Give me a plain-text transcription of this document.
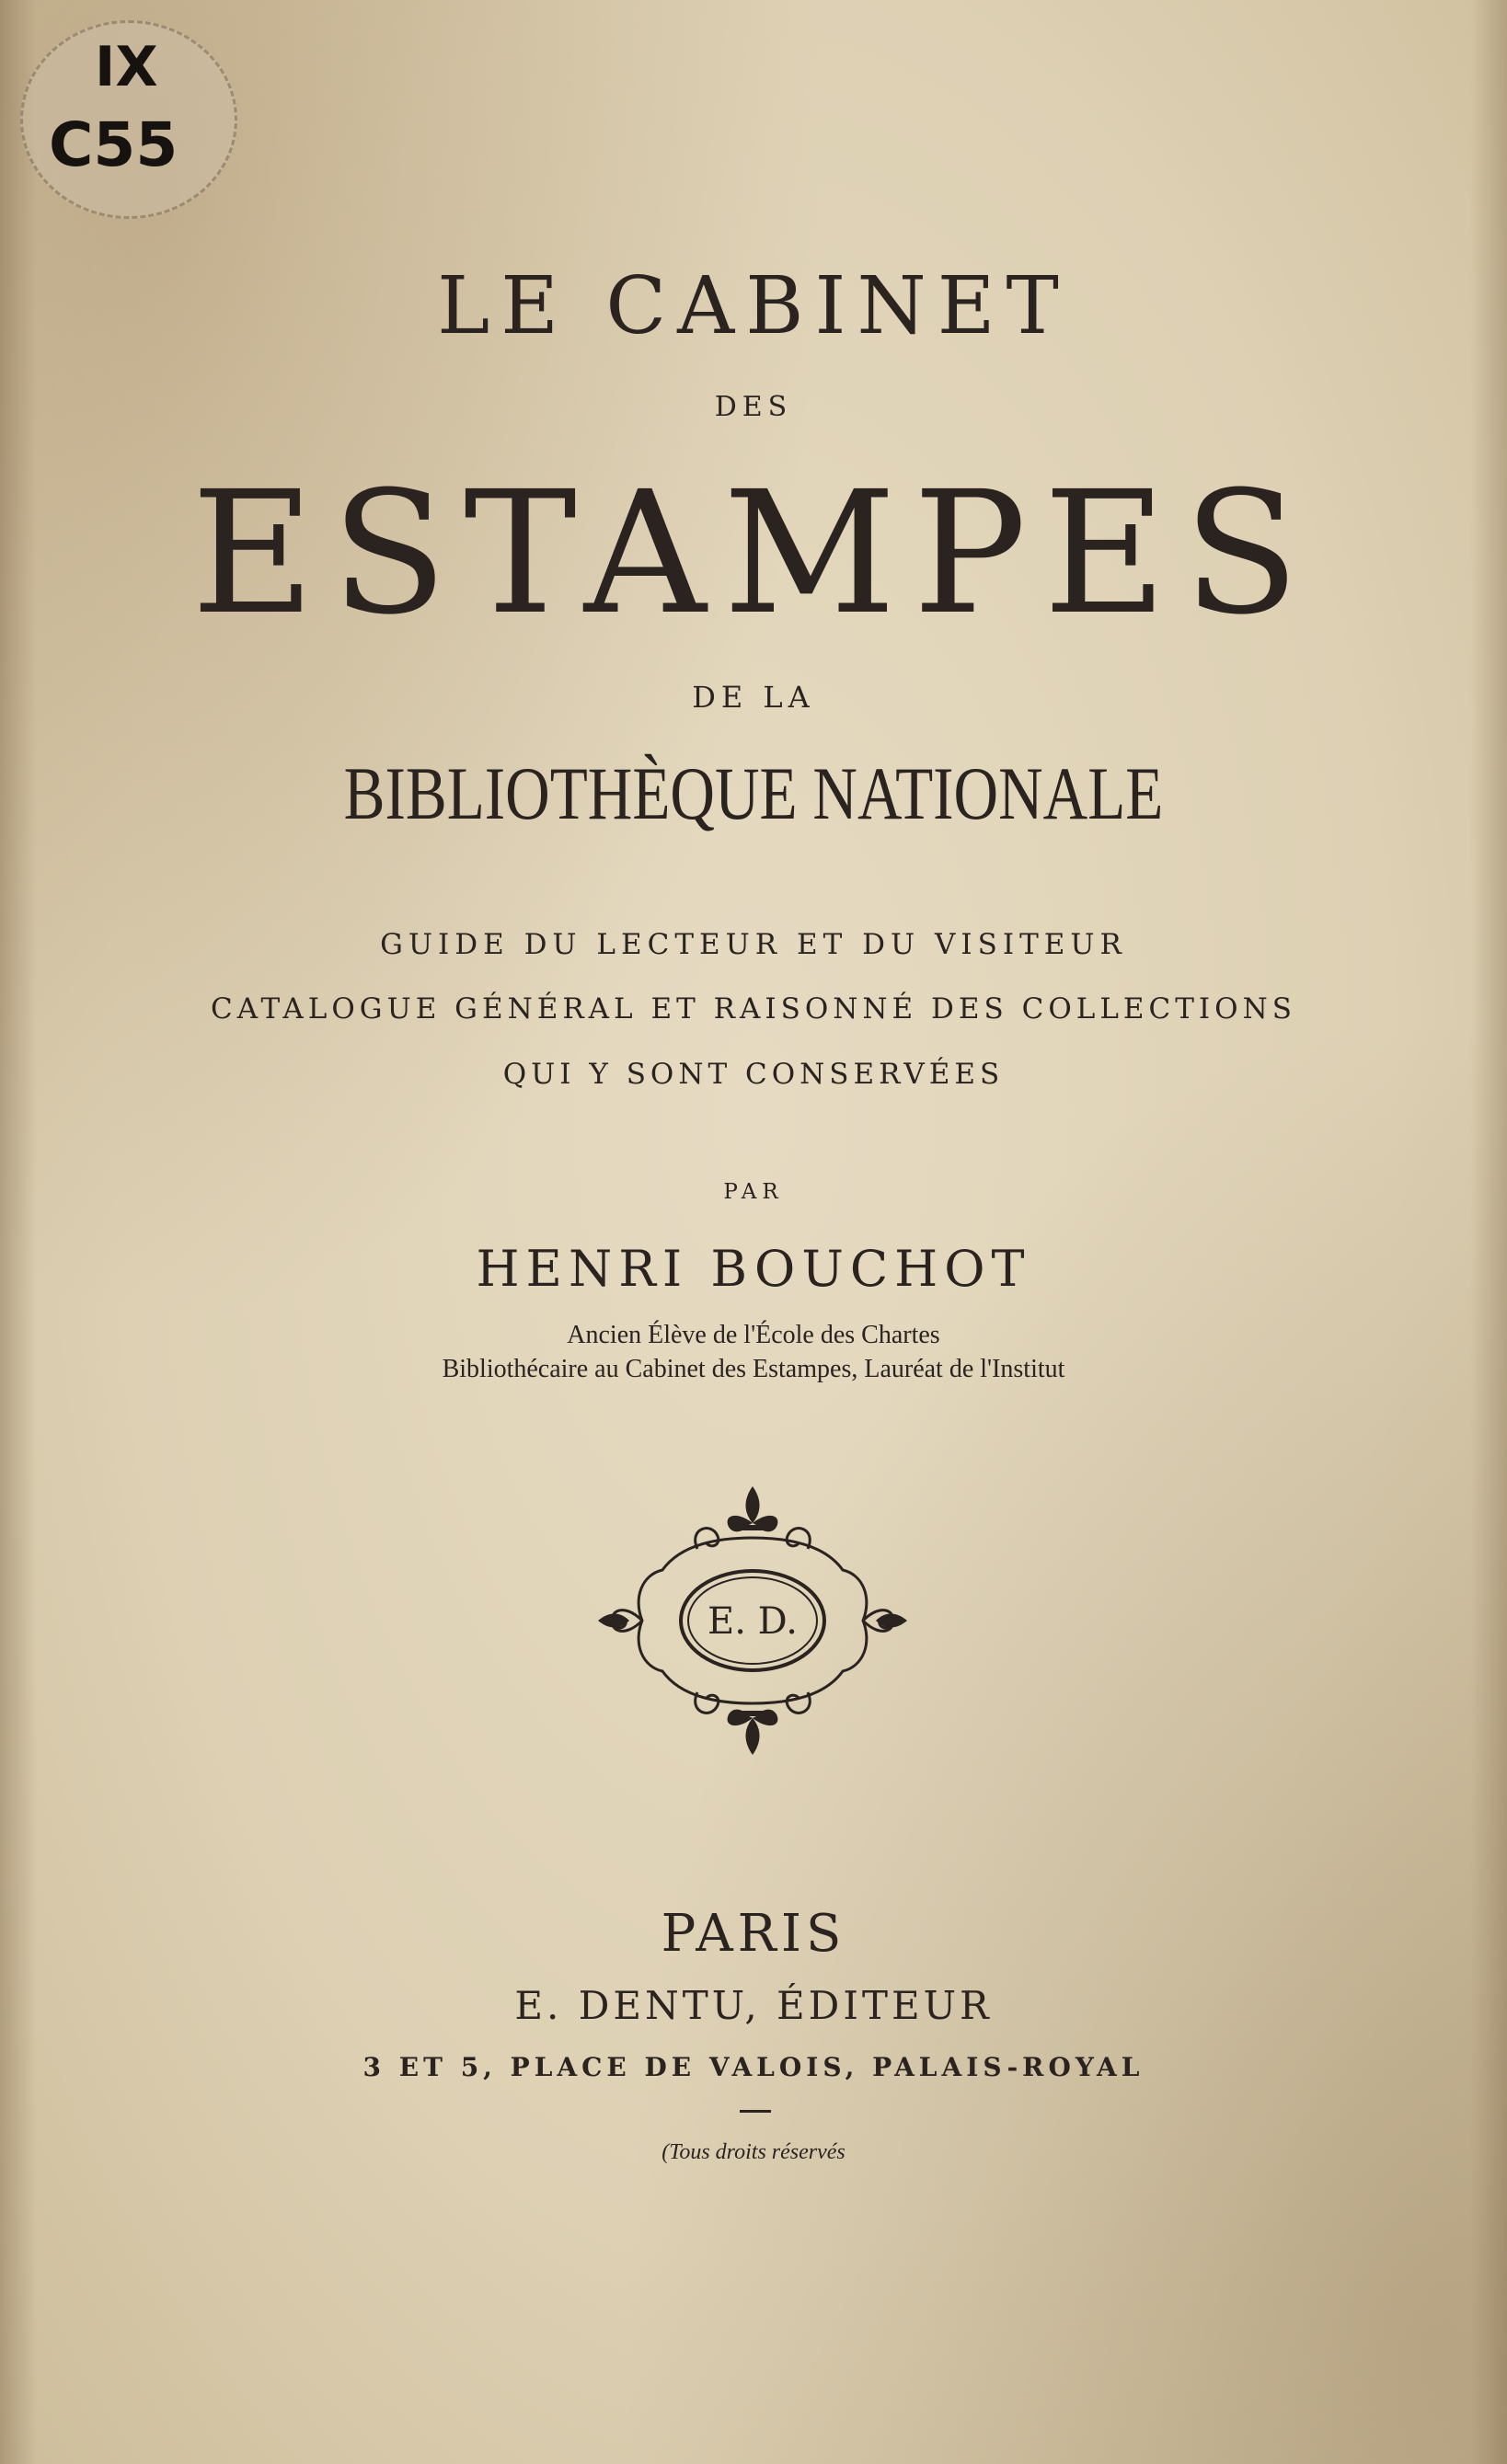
IX
C55
LE CABINET
DES
ESTAMPES
DE LA
BIBLIOTHÈQUE NATIONALE
GUIDE DU LECTEUR ET DU VISITEUR
CATALOGUE GÉNÉRAL ET RAISONNÉ DES COLLECTIONS
QUI Y SONT CONSERVÉES
PAR
HENRI BOUCHOT
Ancien Élève de l'École des Chartes
Bibliothécaire au Cabinet des Estampes, Lauréat de l'Institut
E. D.
PARIS
E. DENTU, ÉDITEUR
3 ET 5, PLACE DE VALOIS, PALAIS-ROYAL
(Tous droits réservés
